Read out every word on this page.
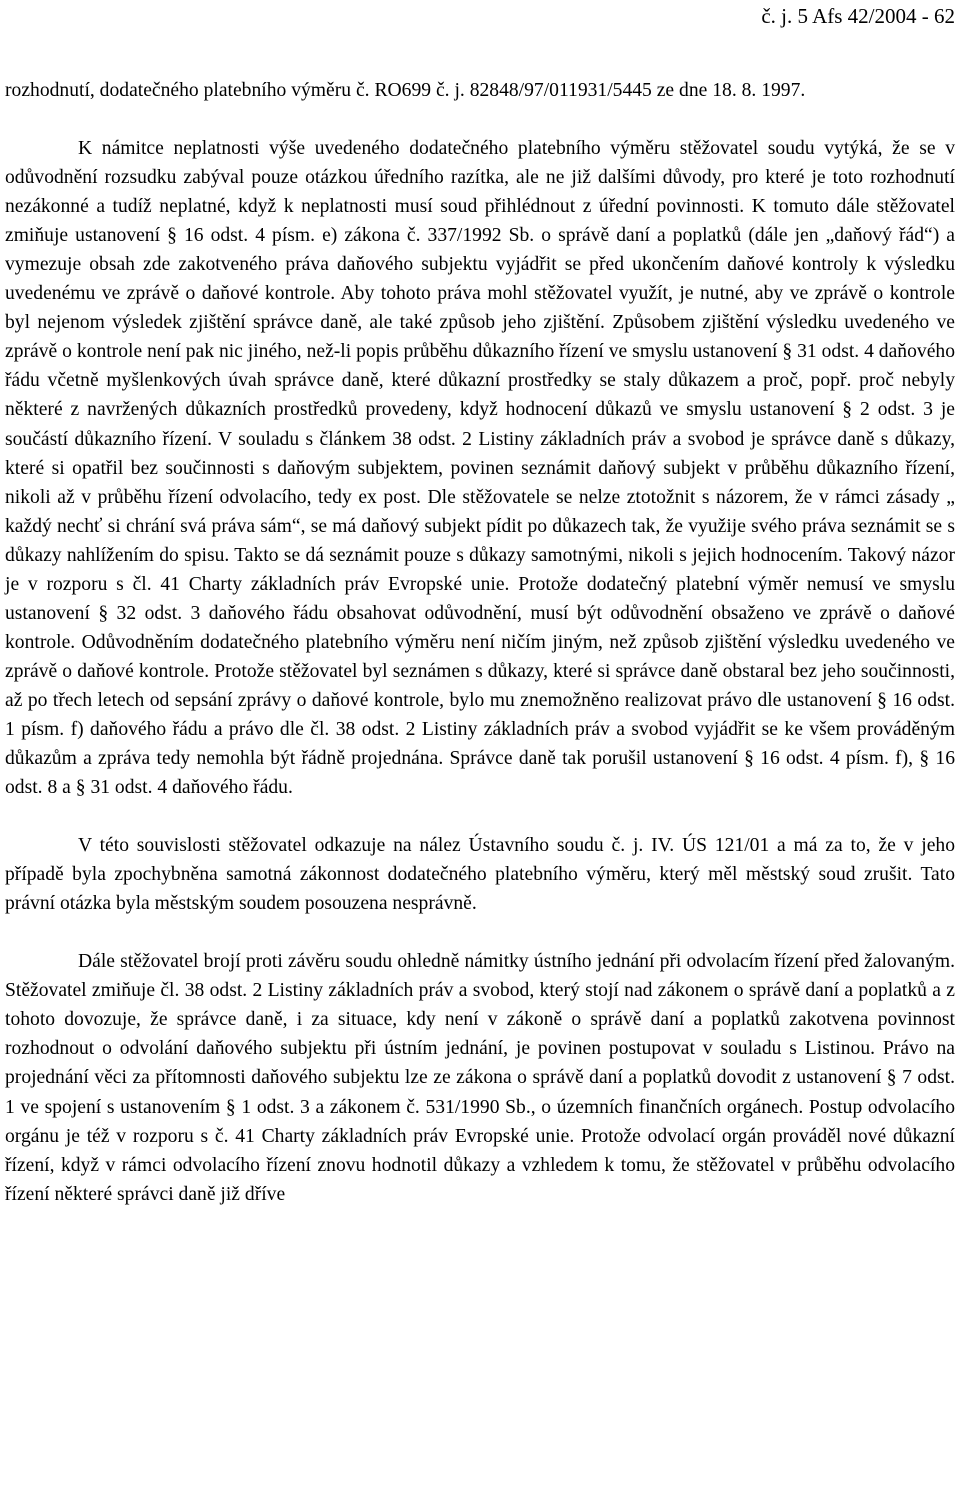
č. j. 5 Afs 42/2004 - 62

rozhodnutí, dodatečného platebního výměru č. RO699 č. j. 82848/97/011931/5445 ze dne 18. 8. 1997.

K námitce neplatnosti výše uvedeného dodatečného platebního výměru stěžovatel soudu vytýká, že se v odůvodnění rozsudku zabýval pouze otázkou úředního razítka, ale ne již dalšími důvody, pro které je toto rozhodnutí nezákonné a tudíž neplatné, když k neplatnosti musí soud přihlédnout z úřední povinnosti. K tomuto dále stěžovatel zmiňuje ustanovení § 16 odst. 4 písm. e) zákona č. 337/1992 Sb. o správě daní a poplatků (dále jen „daňový řád“) a vymezuje obsah zde zakotveného práva daňového subjektu vyjádřit se před ukončením daňové kontroly k výsledku uvedenému ve zprávě o daňové kontrole. Aby tohoto práva mohl stěžovatel využít, je nutné, aby ve zprávě o kontrole byl nejenom výsledek zjištění správce daně, ale také způsob jeho zjištění. Způsobem zjištění výsledku uvedeného ve zprávě o kontrole není pak nic jiného, než-li popis průběhu důkazního řízení ve smyslu ustanovení § 31 odst. 4 daňového řádu včetně myšlenkových úvah správce daně, které důkazní prostředky se staly důkazem a proč, popř. proč nebyly některé z navržených důkazních prostředků provedeny, když hodnocení důkazů ve smyslu ustanovení § 2 odst. 3 je součástí důkazního řízení. V souladu s článkem 38 odst. 2 Listiny základních práv a svobod je správce daně s důkazy, které si opatřil bez součinnosti s daňovým subjektem, povinen seznámit daňový subjekt v průběhu důkazního řízení, nikoli až v průběhu řízení odvolacího, tedy ex post. Dle stěžovatele se nelze ztotožnit s názorem, že v rámci zásady „ každý nechť si chrání svá práva sám“, se má daňový subjekt pídit po důkazech tak, že využije svého práva seznámit se s důkazy nahlížením do spisu. Takto se dá seznámit pouze s důkazy samotnými, nikoli s jejich hodnocením. Takový názor je v rozporu s čl. 41 Charty základních práv Evropské unie. Protože dodatečný platební výměr nemusí ve smyslu ustanovení § 32 odst. 3 daňového řádu obsahovat odůvodnění, musí být odůvodnění obsaženo ve zprávě o daňové kontrole. Odůvodněním dodatečného platebního výměru není ničím jiným, než způsob zjištění výsledku uvedeného ve zprávě o daňové kontrole. Protože stěžovatel byl seznámen s důkazy, které si správce daně obstaral bez jeho součinnosti, až po třech letech od sepsání zprávy o daňové kontrole, bylo mu znemožněno realizovat právo dle ustanovení § 16 odst. 1 písm. f) daňového řádu a právo dle čl. 38 odst. 2 Listiny základních práv a svobod vyjádřit se ke všem prováděným důkazům a zpráva tedy nemohla být řádně projednána. Správce daně tak porušil ustanovení § 16 odst. 4 písm. f), § 16 odst. 8 a § 31 odst. 4 daňového řádu.

V této souvislosti stěžovatel odkazuje na nález Ústavního soudu č. j. IV. ÚS 121/01 a má za to, že v jeho případě byla zpochybněna samotná zákonnost dodatečného platebního výměru, který měl městský soud zrušit. Tato právní otázka byla městským soudem posouzena nesprávně.

Dále stěžovatel brojí proti závěru soudu ohledně námitky ústního jednání při odvolacím řízení před žalovaným. Stěžovatel zmiňuje čl. 38 odst. 2 Listiny základních práv a svobod, který stojí nad zákonem o správě daní a poplatků a z tohoto dovozuje, že správce daně, i za situace, kdy není v zákoně o správě daní a poplatků zakotvena povinnost rozhodnout o odvolání daňového subjektu při ústním jednání, je povinen postupovat v souladu s Listinou. Právo na projednání věci za přítomnosti daňového subjektu lze ze zákona o správě daní a poplatků dovodit z ustanovení § 7 odst. 1 ve spojení s ustanovením § 1 odst. 3 a zákonem č. 531/1990 Sb., o územních finančních orgánech. Postup odvolacího orgánu je též v rozporu s č. 41 Charty základních práv Evropské unie. Protože odvolací orgán prováděl nové důkazní řízení, když v rámci odvolacího řízení znovu hodnotil důkazy a vzhledem k tomu, že stěžovatel v průběhu odvolacího řízení některé správci daně již dříve
